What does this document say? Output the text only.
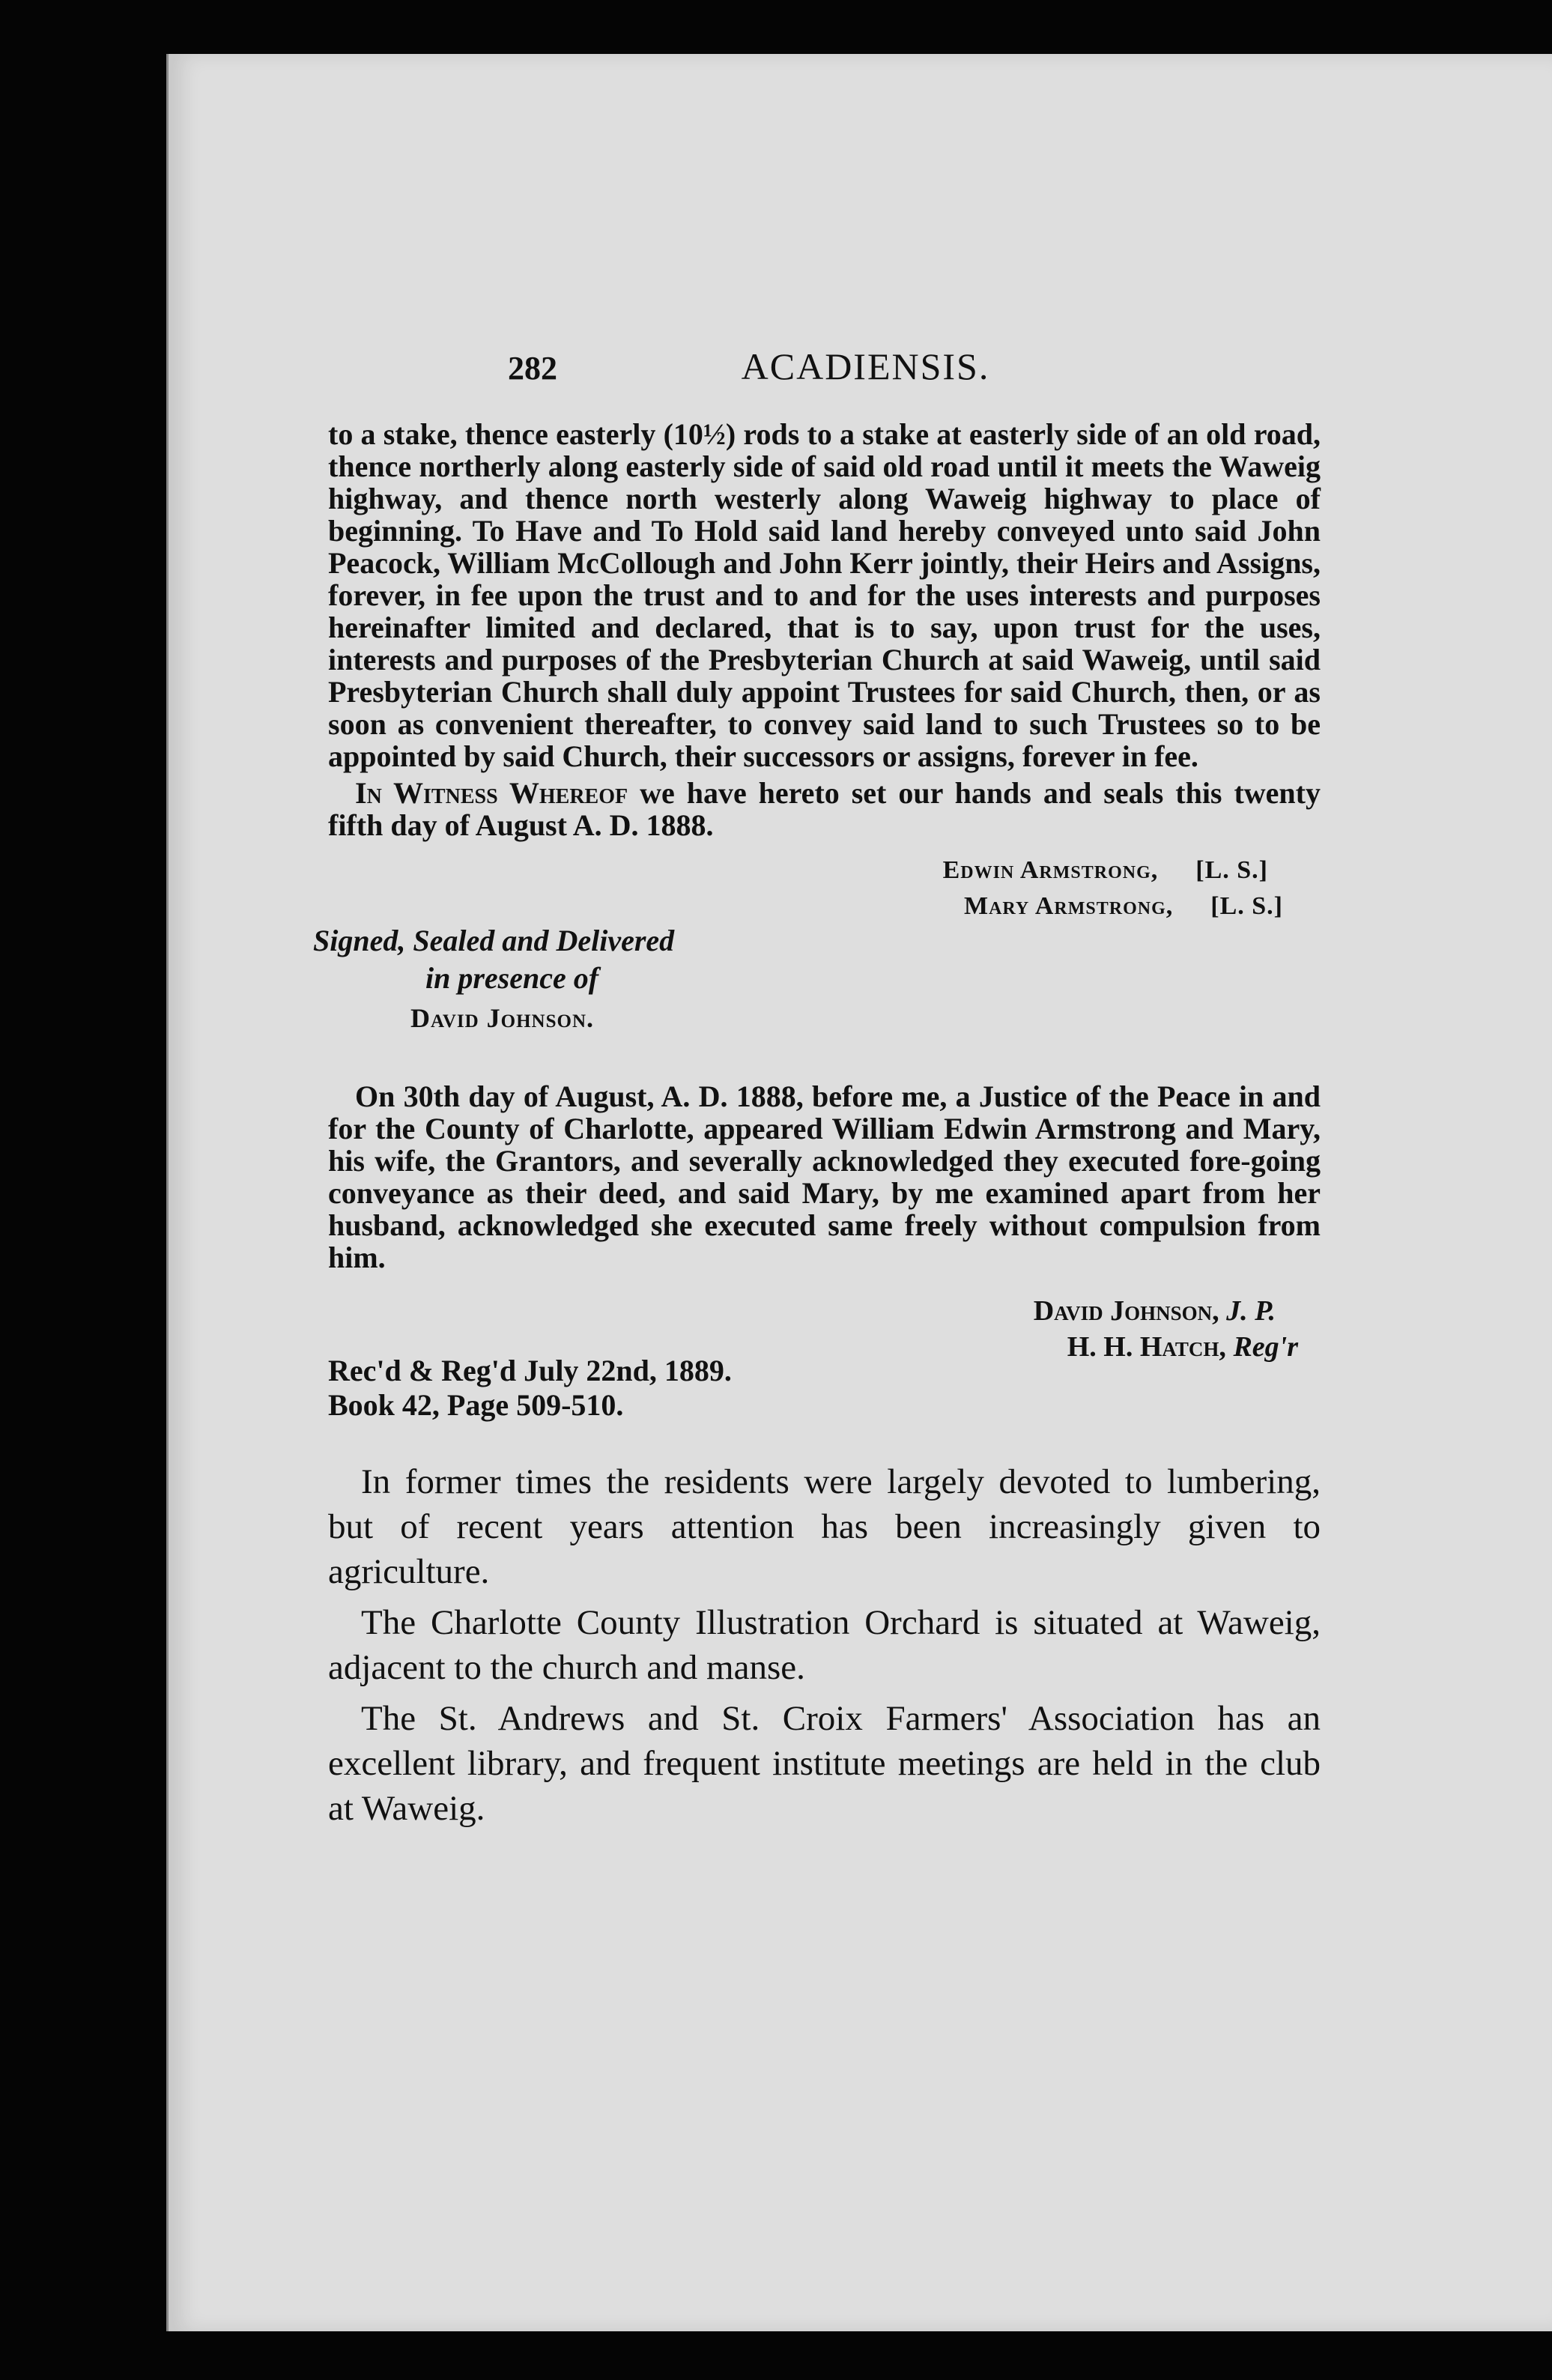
282	ACADIENSIS.

to a stake, thence easterly (10½) rods to a stake at easterly side of an old road, thence northerly along easterly side of said old road until it meets the Waweig highway, and thence north westerly along Waweig highway to place of beginning. To Have and To Hold said land hereby conveyed unto said John Peacock, William McCollough and John Kerr jointly, their Heirs and Assigns, forever, in fee upon the trust and to and for the uses interests and purposes hereinafter limited and declared, that is to say, upon trust for the uses, interests and purposes of the Presbyterian Church at said Waweig, until said Presbyterian Church shall duly appoint Trustees for said Church, then, or as soon as convenient thereafter, to convey said land to such Trustees so to be appointed by said Church, their successors or assigns, forever in fee.

In Witness Whereof we have hereto set our hands and seals this twenty fifth day of August A. D. 1888.

Edwin Armstrong, [L. S.]
Mary Armstrong, [L. S.]
Signed, Sealed and Delivered
in presence of
David Johnson.

On 30th day of August, A. D. 1888, before me, a Justice of the Peace in and for the County of Charlotte, appeared William Edwin Armstrong and Mary, his wife, the Grantors, and severally acknowledged they executed fore-going conveyance as their deed, and said Mary, by me examined apart from her husband, acknowledged she executed same freely without compulsion from him.

David Johnson, J. P.
H. H. Hatch, Reg'r
Rec'd & Reg'd July 22nd, 1889.
Book 42, Page 509-510.

In former times the residents were largely devoted to lumbering, but of recent years attention has been increasingly given to agriculture.

The Charlotte County Illustration Orchard is situated at Waweig, adjacent to the church and manse.

The St. Andrews and St. Croix Farmers' Association has an excellent library, and frequent institute meetings are held in the club at Waweig.
